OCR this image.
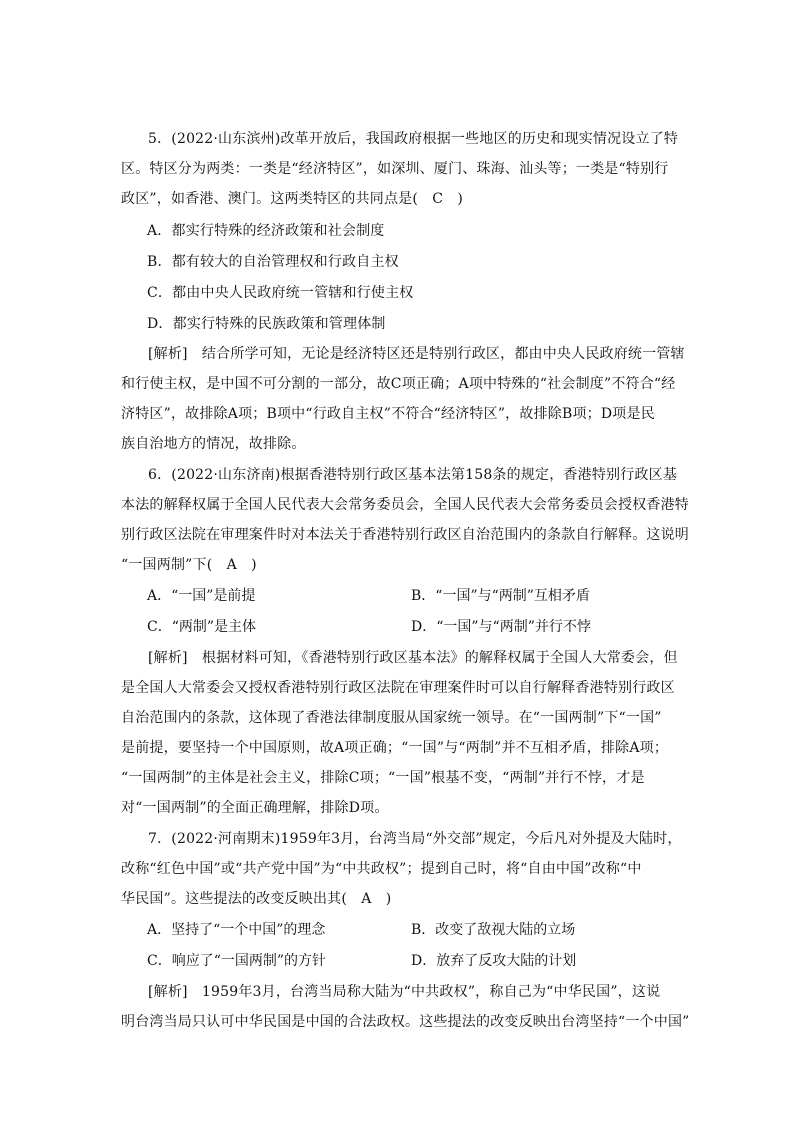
5．(2022·山东滨州)改革开放后，我国政府根据一些地区的历史和现实情况设立了特
区。特区分为两类：一类是“经济特区”，如深圳、厦门、珠海、汕头等；一类是“特别行
政区”，如香港、澳门。这两类特区的共同点是(　C　)
A．都实行特殊的经济政策和社会制度
B．都有较大的自治管理权和行政自主权
C．都由中央人民政府统一管辖和行使主权
D．都实行特殊的民族政策和管理体制
[解析]　结合所学可知，无论是经济特区还是特别行政区，都由中央人民政府统一管辖
和行使主权，是中国不可分割的一部分，故C项正确；A项中特殊的“社会制度”不符合“经
济特区”，故排除A项；B项中“行政自主权”不符合“经济特区”，故排除B项；D项是民
族自治地方的情况，故排除。
6．(2022·山东济南)根据香港特别行政区基本法第158条的规定，香港特别行政区基
本法的解释权属于全国人民代表大会常务委员会，全国人民代表大会常务委员会授权香港特
别行政区法院在审理案件时对本法关于香港特别行政区自治范围内的条款自行解释。这说明
“一国两制”下(　A　)
A．“一国”是前提	B．“一国”与“两制”互相矛盾
C．“两制”是主体	D．“一国”与“两制”并行不悖
[解析]　根据材料可知，《香港特别行政区基本法》的解释权属于全国人大常委会，但
是全国人大常委会又授权香港特别行政区法院在审理案件时可以自行解释香港特别行政区
自治范围内的条款，这体现了香港法律制度服从国家统一领导。在“一国两制”下“一国”
是前提，要坚持一个中国原则，故A项正确；“一国”与“两制”并不互相矛盾，排除A项；
“一国两制”的主体是社会主义，排除C项；“一国”根基不变，“两制”并行不悖，才是
对“一国两制”的全面正确理解，排除D项。
7．(2022·河南期末)1959年3月，台湾当局“外交部”规定，今后凡对外提及大陆时，
改称“红色中国”或“共产党中国”为“中共政权”；提到自己时，将“自由中国”改称“中
华民国”。这些提法的改变反映出其(　A　)
A．坚持了“一个中国”的理念	B．改变了敌视大陆的立场
C．响应了“一国两制”的方针	D．放弃了反攻大陆的计划
[解析]　1959年3月，台湾当局称大陆为“中共政权”，称自己为“中华民国”，这说
明台湾当局只认可中华民国是中国的合法政权。这些提法的改变反映出台湾坚持“一个中国”
